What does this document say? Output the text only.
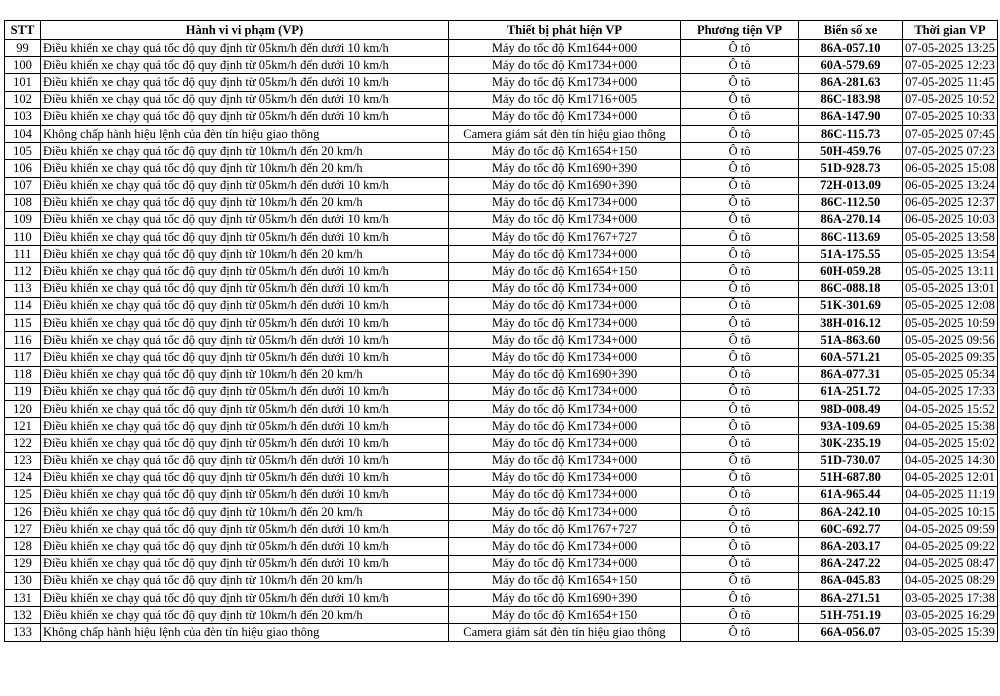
STT	Hành vi vi phạm (VP)	Thiết bị phát hiện VP	Phương tiện VP	Biển số xe	Thời gian VP
99	Điều khiển xe chạy quá tốc độ quy định từ 05km/h đến dưới 10 km/h	Máy đo tốc độ Km1644+000	Ô tô	86A-057.10	07-05-2025 13:25
100	Điều khiển xe chạy quá tốc độ quy định từ 05km/h đến dưới 10 km/h	Máy đo tốc độ Km1734+000	Ô tô	60A-579.69	07-05-2025 12:23
101	Điều khiển xe chạy quá tốc độ quy định từ 05km/h đến dưới 10 km/h	Máy đo tốc độ Km1734+000	Ô tô	86A-281.63	07-05-2025 11:45
102	Điều khiển xe chạy quá tốc độ quy định từ 05km/h đến dưới 10 km/h	Máy đo tốc độ Km1716+005	Ô tô	86C-183.98	07-05-2025 10:52
103	Điều khiển xe chạy quá tốc độ quy định từ 05km/h đến dưới 10 km/h	Máy đo tốc độ Km1734+000	Ô tô	86A-147.90	07-05-2025 10:33
104	Không chấp hành hiệu lệnh của đèn tín hiệu giao thông	Camera giám sát đèn tín hiệu giao thông	Ô tô	86C-115.73	07-05-2025 07:45
105	Điều khiển xe chạy quá tốc độ quy định từ 10km/h đến 20 km/h	Máy đo tốc độ Km1654+150	Ô tô	50H-459.76	07-05-2025 07:23
106	Điều khiển xe chạy quá tốc độ quy định từ 10km/h đến 20 km/h	Máy đo tốc độ Km1690+390	Ô tô	51D-928.73	06-05-2025 15:08
107	Điều khiển xe chạy quá tốc độ quy định từ 05km/h đến dưới 10 km/h	Máy đo tốc độ Km1690+390	Ô tô	72H-013.09	06-05-2025 13:24
108	Điều khiển xe chạy quá tốc độ quy định từ 10km/h đến 20 km/h	Máy đo tốc độ Km1734+000	Ô tô	86C-112.50	06-05-2025 12:37
109	Điều khiển xe chạy quá tốc độ quy định từ 05km/h đến dưới 10 km/h	Máy đo tốc độ Km1734+000	Ô tô	86A-270.14	06-05-2025 10:03
110	Điều khiển xe chạy quá tốc độ quy định từ 05km/h đến dưới 10 km/h	Máy đo tốc độ Km1767+727	Ô tô	86C-113.69	05-05-2025 13:58
111	Điều khiển xe chạy quá tốc độ quy định từ 10km/h đến 20 km/h	Máy đo tốc độ Km1734+000	Ô tô	51A-175.55	05-05-2025 13:54
112	Điều khiển xe chạy quá tốc độ quy định từ 05km/h đến dưới 10 km/h	Máy đo tốc độ Km1654+150	Ô tô	60H-059.28	05-05-2025 13:11
113	Điều khiển xe chạy quá tốc độ quy định từ 05km/h đến dưới 10 km/h	Máy đo tốc độ Km1734+000	Ô tô	86C-088.18	05-05-2025 13:01
114	Điều khiển xe chạy quá tốc độ quy định từ 05km/h đến dưới 10 km/h	Máy đo tốc độ Km1734+000	Ô tô	51K-301.69	05-05-2025 12:08
115	Điều khiển xe chạy quá tốc độ quy định từ 05km/h đến dưới 10 km/h	Máy đo tốc độ Km1734+000	Ô tô	38H-016.12	05-05-2025 10:59
116	Điều khiển xe chạy quá tốc độ quy định từ 05km/h đến dưới 10 km/h	Máy đo tốc độ Km1734+000	Ô tô	51A-863.60	05-05-2025 09:56
117	Điều khiển xe chạy quá tốc độ quy định từ 05km/h đến dưới 10 km/h	Máy đo tốc độ Km1734+000	Ô tô	60A-571.21	05-05-2025 09:35
118	Điều khiển xe chạy quá tốc độ quy định từ 10km/h đến 20 km/h	Máy đo tốc độ Km1690+390	Ô tô	86A-077.31	05-05-2025 05:34
119	Điều khiển xe chạy quá tốc độ quy định từ 05km/h đến dưới 10 km/h	Máy đo tốc độ Km1734+000	Ô tô	61A-251.72	04-05-2025 17:33
120	Điều khiển xe chạy quá tốc độ quy định từ 05km/h đến dưới 10 km/h	Máy đo tốc độ Km1734+000	Ô tô	98D-008.49	04-05-2025 15:52
121	Điều khiển xe chạy quá tốc độ quy định từ 05km/h đến dưới 10 km/h	Máy đo tốc độ Km1734+000	Ô tô	93A-109.69	04-05-2025 15:38
122	Điều khiển xe chạy quá tốc độ quy định từ 05km/h đến dưới 10 km/h	Máy đo tốc độ Km1734+000	Ô tô	30K-235.19	04-05-2025 15:02
123	Điều khiển xe chạy quá tốc độ quy định từ 05km/h đến dưới 10 km/h	Máy đo tốc độ Km1734+000	Ô tô	51D-730.07	04-05-2025 14:30
124	Điều khiển xe chạy quá tốc độ quy định từ 05km/h đến dưới 10 km/h	Máy đo tốc độ Km1734+000	Ô tô	51H-687.80	04-05-2025 12:01
125	Điều khiển xe chạy quá tốc độ quy định từ 05km/h đến dưới 10 km/h	Máy đo tốc độ Km1734+000	Ô tô	61A-965.44	04-05-2025 11:19
126	Điều khiển xe chạy quá tốc độ quy định từ 10km/h đến 20 km/h	Máy đo tốc độ Km1734+000	Ô tô	86A-242.10	04-05-2025 10:15
127	Điều khiển xe chạy quá tốc độ quy định từ 05km/h đến dưới 10 km/h	Máy đo tốc độ Km1767+727	Ô tô	60C-692.77	04-05-2025 09:59
128	Điều khiển xe chạy quá tốc độ quy định từ 05km/h đến dưới 10 km/h	Máy đo tốc độ Km1734+000	Ô tô	86A-203.17	04-05-2025 09:22
129	Điều khiển xe chạy quá tốc độ quy định từ 05km/h đến dưới 10 km/h	Máy đo tốc độ Km1734+000	Ô tô	86A-247.22	04-05-2025 08:47
130	Điều khiển xe chạy quá tốc độ quy định từ 10km/h đến 20 km/h	Máy đo tốc độ Km1654+150	Ô tô	86A-045.83	04-05-2025 08:29
131	Điều khiển xe chạy quá tốc độ quy định từ 05km/h đến dưới 10 km/h	Máy đo tốc độ Km1690+390	Ô tô	86A-271.51	03-05-2025 17:38
132	Điều khiển xe chạy quá tốc độ quy định từ 10km/h đến 20 km/h	Máy đo tốc độ Km1654+150	Ô tô	51H-751.19	03-05-2025 16:29
133	Không chấp hành hiệu lệnh của đèn tín hiệu giao thông	Camera giám sát đèn tín hiệu giao thông	Ô tô	66A-056.07	03-05-2025 15:39
